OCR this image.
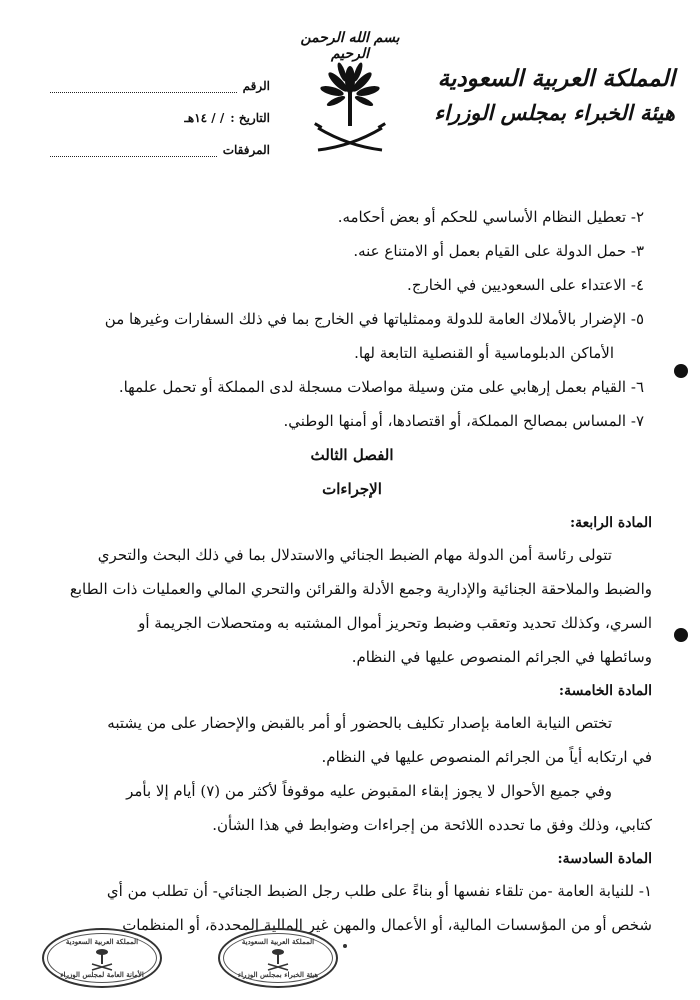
بسم الله الرحمن الرحيم
المملكة العربية السعودية
هيئة الخبراء بمجلس الوزراء
الرقم
التاريخ :
/ / ١٤هـ
المرفقات

٢- تعطيل النظام الأساسي للحكم أو بعض أحكامه.

٣- حمل الدولة على القيام بعمل أو الامتناع عنه.

٤- الاعتداء على السعوديين في الخارج.

٥- الإضرار بالأملاك العامة للدولة وممثلياتها في الخارج بما في ذلك السفارات وغيرها من
الأماكن الدبلوماسية أو القنصلية التابعة لها.

٦- القيام بعمل إرهابي على متن وسيلة مواصلات مسجلة لدى المملكة أو تحمل علمها.

٧- المساس بمصالح المملكة، أو اقتصادها، أو أمنها الوطني.

الفصل الثالث
الإجراءات
المادة الرابعة:

تتولى رئاسة أمن الدولة مهام الضبط الجنائي والاستدلال بما في ذلك البحث والتحري

والضبط والملاحقة الجنائية والإدارية وجمع الأدلة والقرائن والتحري المالي والعمليات ذات الطابع

السري، وكذلك تحديد وتعقب وضبط وتحريز أموال المشتبه به ومتحصلات الجريمة أو

وسائطها في الجرائم المنصوص عليها في النظام.

المادة الخامسة:

تختص النيابة العامة بإصدار تكليف بالحضور أو أمر بالقبض والإحضار على من يشتبه

في ارتكابه أياً من الجرائم المنصوص عليها في النظام.

وفي جميع الأحوال لا يجوز إبقاء المقبوض عليه موقوفاً لأكثر من (٧) أيام إلا بأمر

كتابي، وذلك وفق ما تحدده اللائحة من إجراءات وضوابط في هذا الشأن.

المادة السادسة:

١- للنيابة العامة -من تلقاء نفسها أو بناءً على طلب رجل الضبط الجنائي- أن تطلب من أي

شخص أو من المؤسسات المالية، أو الأعمال والمهن غير المالية المحددة، أو المنظمات

المملكة العربية السعودية
الأمانة العامة لمجلس الوزراء
المملكة العربية السعودية
هيئة الخبراء بمجلس الوزراء
